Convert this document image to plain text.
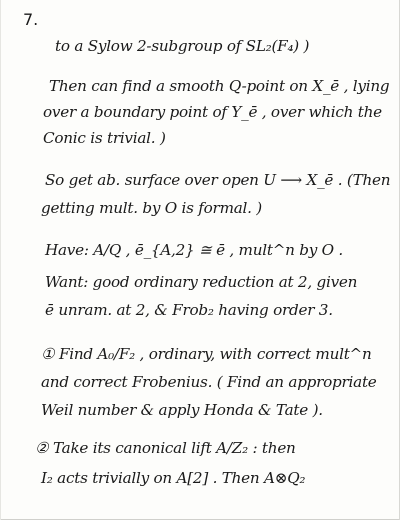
7.
to a Sylow 2-subgroup of SL₂(F₄) )
Then can find a smooth Q-point on X_ē , lying
over a boundary point of Y_ē , over which the
Conic is trivial. )
So get ab. surface over open U ⟶ X_ē . (Then
getting mult. by O is formal. )
Have: A/Q , ē_{A,2} ≅ ē , mult^n by O .
Want: good ordinary reduction at 2, given
ē unram. at 2, & Frob₂ having order 3.
① Find A₀/F₂ , ordinary, with correct mult^n
and correct Frobenius. ( Find an appropriate
Weil number & apply Honda & Tate ).
② Take its canonical lift A/Z₂ : then
I₂ acts trivially on A[2] . Then A⊗Q₂
